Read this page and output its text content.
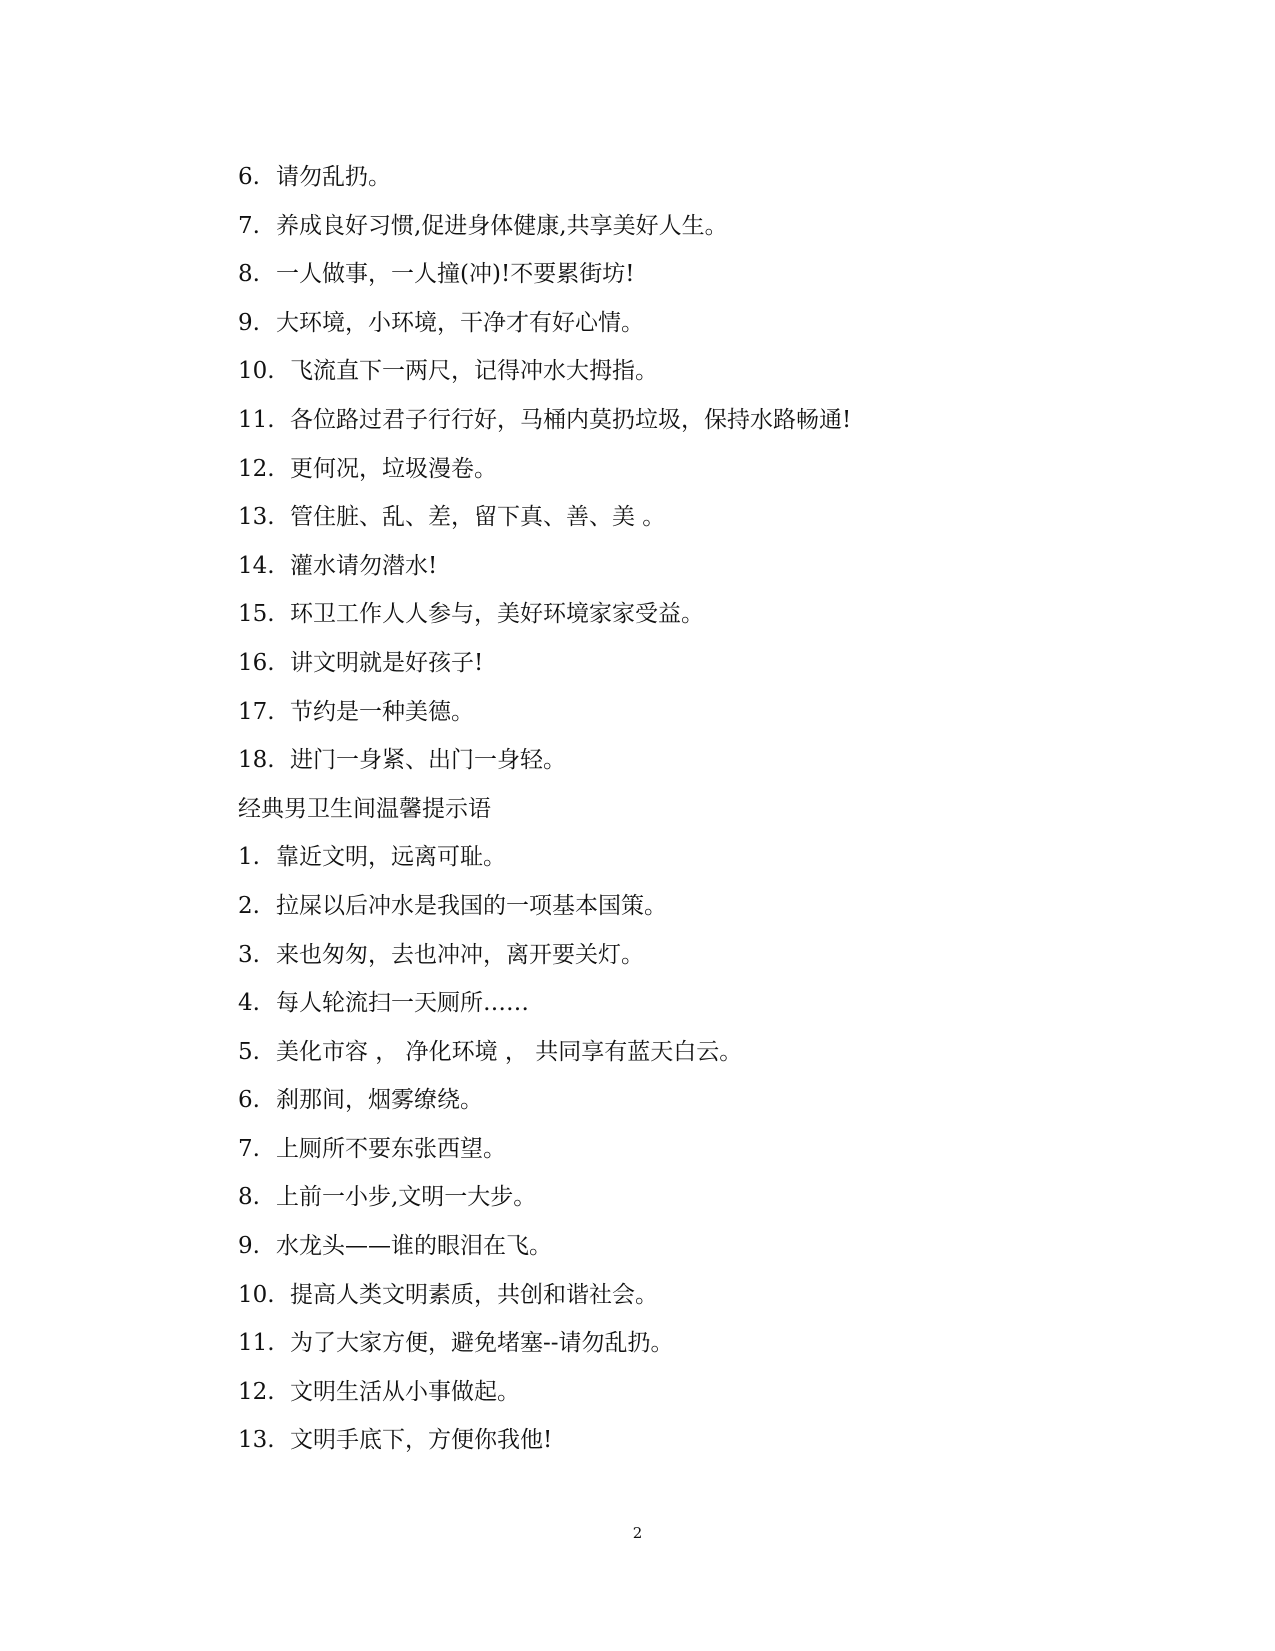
6. 请勿乱扔。
7. 养成良好习惯,促进身体健康,共享美好人生。
8. 一人做事，一人撞(冲)!不要累街坊!
9. 大环境，小环境，干净才有好心情。
10. 飞流直下一两尺，记得冲水大拇指。
11. 各位路过君子行行好，马桶内莫扔垃圾，保持水路畅通!
12. 更何况，垃圾漫卷。
13. 管住脏、乱、差，留下真、善、美 。
14. 灌水请勿潜水!
15. 环卫工作人人参与，美好环境家家受益。
16. 讲文明就是好孩子!
17. 节约是一种美德。
18. 进门一身紧、出门一身轻。
经典男卫生间温馨提示语
1. 靠近文明，远离可耻。
2. 拉屎以后冲水是我国的一项基本国策。
3. 来也匆匆，去也冲冲，离开要关灯。
4. 每人轮流扫一天厕所……
5. 美化市容 ， 净化环境 ， 共同享有蓝天白云。
6. 刹那间，烟雾缭绕。
7. 上厕所不要东张西望。
8. 上前一小步,文明一大步。
9. 水龙头——谁的眼泪在飞。
10. 提高人类文明素质，共创和谐社会。
11. 为了大家方便，避免堵塞--请勿乱扔。
12. 文明生活从小事做起。
13. 文明手底下，方便你我他!
2
